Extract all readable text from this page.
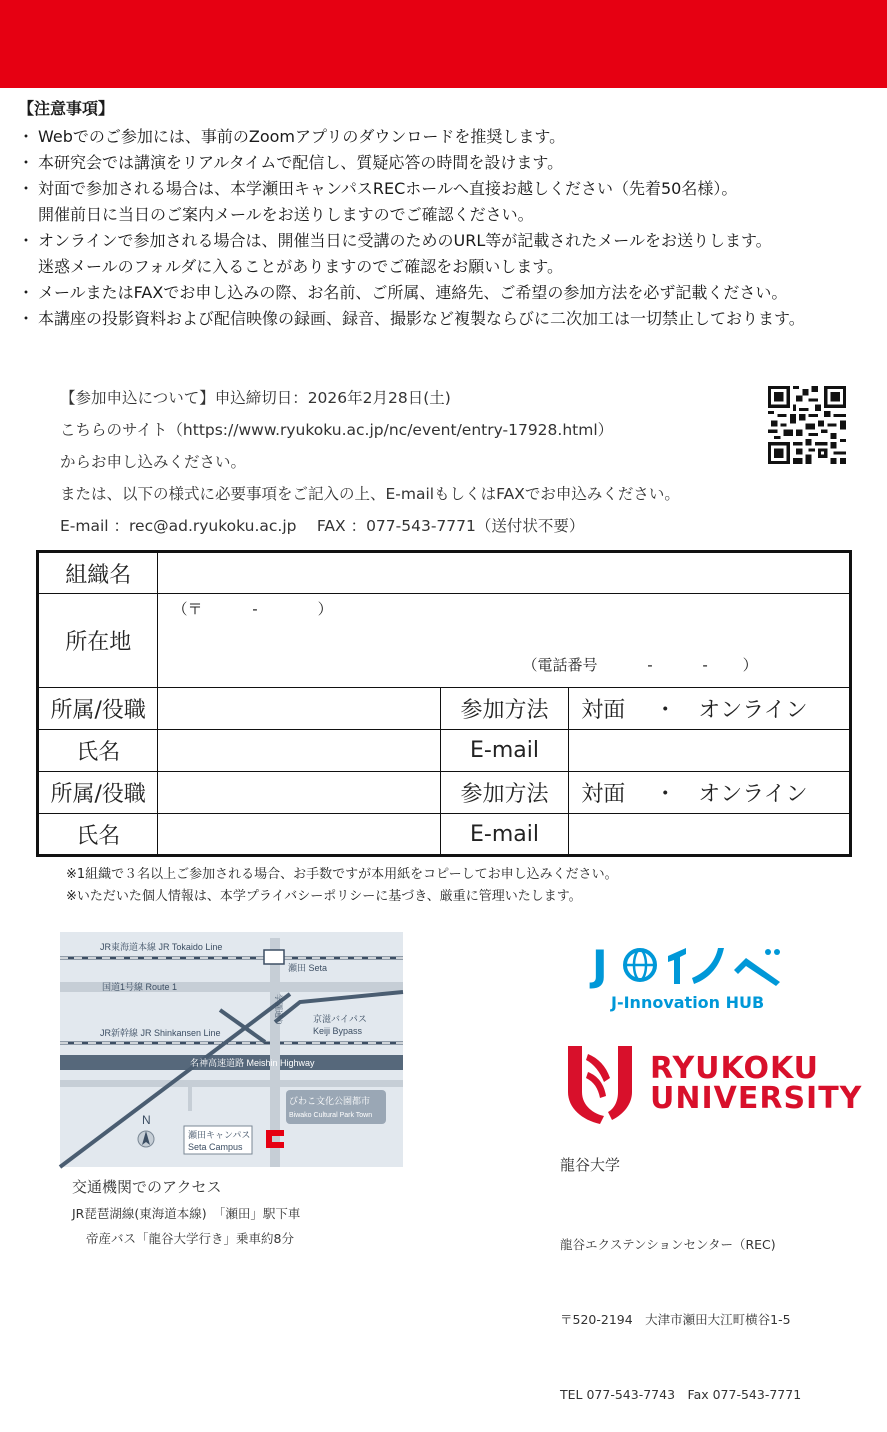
【注意事項】
・ Webでのご参加には、事前のZoomアプリのダウンロードを推奨します。
・ 本研究会では講演をリアルタイムで配信し、質疑応答の時間を設けます。
・ 対面で参加される場合は、本学瀬田キャンパスRECホールへ直接お越しください（先着50名様）。
開催前日に当日のご案内メールをお送りしますのでご確認ください。
・ オンラインで参加される場合は、開催当日に受講のためのURL等が記載されたメールをお送りします。
迷惑メールのフォルダに入ることがありますのでご確認をお願いします。
・ メールまたはFAXでお申し込みの際、お名前、ご所属、連絡先、ご希望の参加方法を必ず記載ください。
・ 本講座の投影資料および配信映像の録画、録音、撮影など複製ならびに二次加工は一切禁止しております。
【参加申込について】申込締切日：2026年2月28日(土)
こちらのサイト（https://www.ryukoku.ac.jp/nc/event/entry-17928.html）
からお申し込みください。
または、以下の様式に必要事項をご記入の上、E-mailもしくはFAXでお申込みください。
E-mail ：rec@ad.ryukoku.ac.jp　 FAX ：077-543-7771（送付状不要）
組織名			
所在地	（〒　　　 -　　　　）
（電話番号　　　 -　　　 -　　 ）		

所属/役職		参加方法	対面　 ・　オンライン
氏名		E-mail	
所属/役職		参加方法	対面　 ・　オンライン
氏名		E-mail	
※1組織で３名以上ご参加される場合、お手数ですが本用紙をコピーしてお申し込みください。
※いただいた個人情報は、本学プライバシーポリシーに基づき、厳重に管理いたします。
JR東海道本線 JR Tokaido Line
瀬田 Seta
国道1号線 Route 1
京滋バイパス
Keiji Bypass
JR新幹線 JR Shinkansen Line
名神高速道路 Meishin Highway
びわこ文化公園都市
Biwako Cultural Park Town
瀬田キャンパス
Seta Campus
N
学園通り
交通機関でのアクセス
JR琵琶湖線(東海道本線)　「瀬田」駅下車
帝産バス「龍谷大学行き」乗車約8分
J
J-Innovation HUB
RYUKOKU
UNIVERSITY
龍谷大学

龍谷エクステンションセンター（REC)

〒520-2194　大津市瀬田大江町横谷1-5

TEL 077-543-7743　Fax 077-543-7771
